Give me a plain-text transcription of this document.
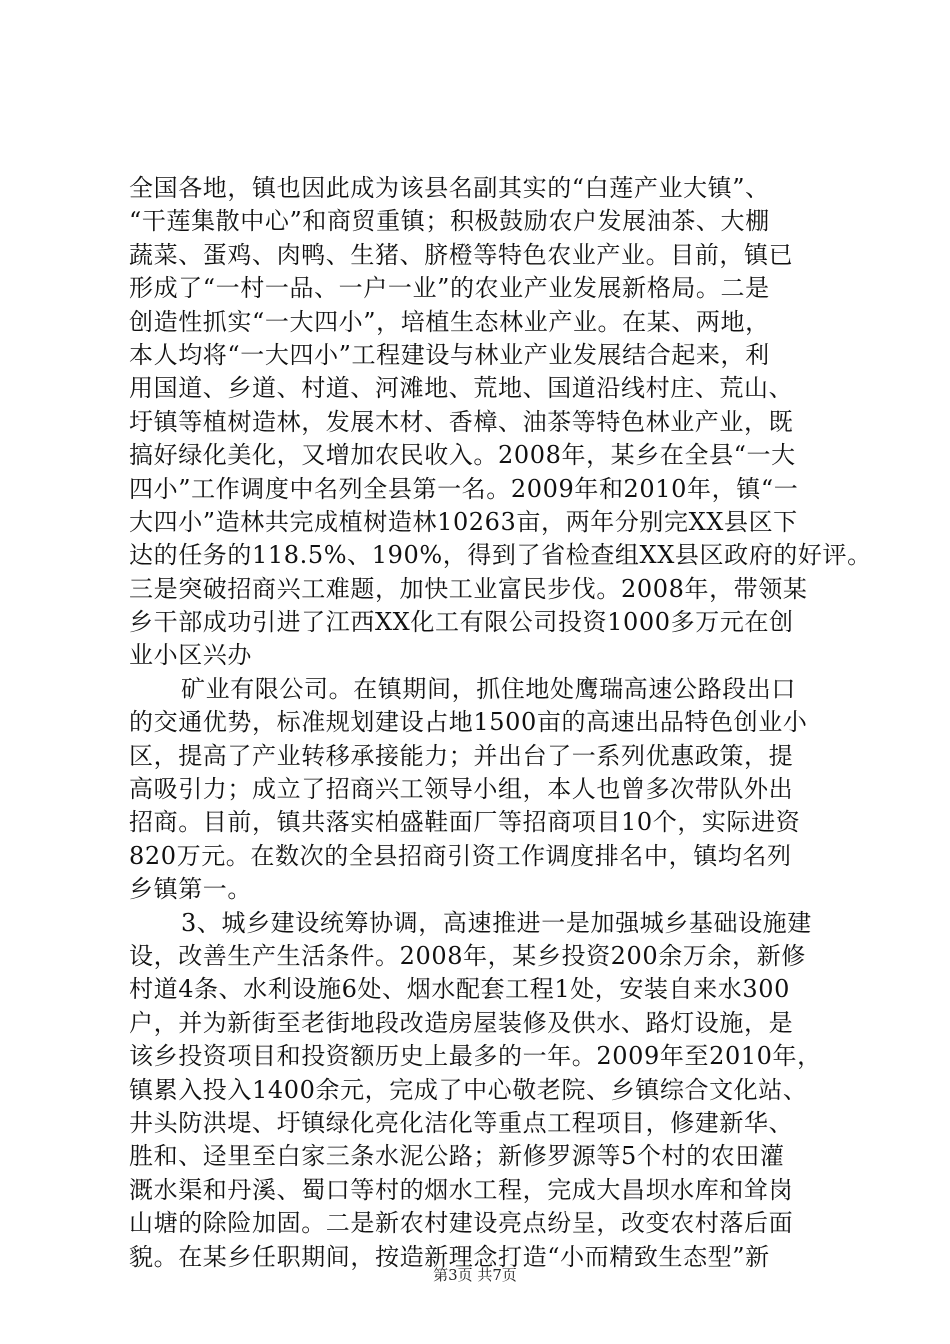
全国各地，镇也因此成为该县名副其实的“白莲产业大镇”、
“干莲集散中心”和商贸重镇；积极鼓励农户发展油茶、大棚
蔬菜、蛋鸡、肉鸭、生猪、脐橙等特色农业产业。目前，镇已
形成了“一村一品、一户一业”的农业产业发展新格局。二是
创造性抓实“一大四小”，培植生态林业产业。在某、两地，
本人均将“一大四小”工程建设与林业产业发展结合起来，利
用国道、乡道、村道、河滩地、荒地、国道沿线村庄、荒山、
圩镇等植树造林，发展木材、香樟、油茶等特色林业产业，既
搞好绿化美化，又增加农民收入。2008年，某乡在全县“一大
四小”工作调度中名列全县第一名。2009年和2010年，镇“一
大四小”造林共完成植树造林10263亩，两年分别完XX县区下
达的任务的118.5%、190%，得到了省检查组XX县区政府的好评。
三是突破招商兴工难题，加快工业富民步伐。2008年，带领某
乡干部成功引进了江西XX化工有限公司投资1000多万元在创
业小区兴办
矿业有限公司。在镇期间，抓住地处鹰瑞高速公路段出口
的交通优势，标准规划建设占地1500亩的高速出品特色创业小
区，提高了产业转移承接能力；并出台了一系列优惠政策，提
高吸引力；成立了招商兴工领导小组，本人也曾多次带队外出
招商。目前，镇共落实柏盛鞋面厂等招商项目10个，实际进资
820万元。在数次的全县招商引资工作调度排名中，镇均名列
乡镇第一。
3、城乡建设统筹协调，高速推进一是加强城乡基础设施建
设，改善生产生活条件。2008年，某乡投资200余万余，新修
村道4条、水利设施6处、烟水配套工程1处，安装自来水300
户，并为新街至老街地段改造房屋装修及供水、路灯设施，是
该乡投资项目和投资额历史上最多的一年。2009年至2010年，
镇累入投入1400余元，完成了中心敬老院、乡镇综合文化站、
井头防洪堤、圩镇绿化亮化洁化等重点工程项目，修建新华、
胜和、迳里至白家三条水泥公路；新修罗源等5个村的农田灌
溉水渠和丹溪、蜀口等村的烟水工程，完成大昌坝水库和耸岗
山塘的除险加固。二是新农村建设亮点纷呈，改变农村落后面
貌。在某乡任职期间，按造新理念打造“小而精致生态型”新
第3页 共7页
